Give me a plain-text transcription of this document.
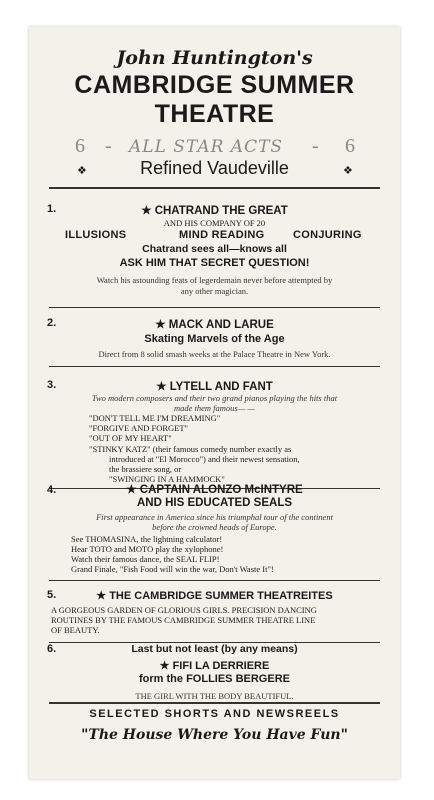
John Huntington's
CAMBRIDGE SUMMER
THEATRE
6 - ALL STAR ACTS - 6
❖	Refined Vaudeville	❖
1.	★ CHATRAND THE GREAT
AND HIS COMPANY OF 20
ILLUSIONS	MIND READING	CONJURING
Chatrand sees all—knows all
ASK HIM THAT SECRET QUESTION!
Watch his astounding feats of legerdemain never before attempted by
any other magician.
2.	★ MACK AND LARUE
Skating Marvels of the Age
Direct from 8 solid smash weeks at the Palace Theatre in New York.
3.	★ LYTELL AND FANT
Two modern composers and their two grand pianos playing the hits that
made them famous— —
"DON'T TELL ME I'M DREAMING"
"FORGIVE AND FORGET"
"OUT OF MY HEART"
"STINKY KATZ" (their famous comedy number exactly as
introduced at "El Morocco") and their newest sensation,
the brassiere song, or
"SWINGING IN A HAMMOCK"
4.	★ CAPTAIN ALONZO McINTYRE
AND HIS EDUCATED SEALS
First appearance in America since his triumphal tour of the continent
before the crowned heads of Europe.
See THOMASINA, the lightning calculator!
Hear TOTO and MOTO play the xylophone!
Watch their famous dance, the SEAL FLIP!
Grand Finale, "Fish Food will win the war, Don't Waste It"!
5.	★ THE CAMBRIDGE SUMMER THEATREITES
A GORGEOUS GARDEN OF GLORIOUS GIRLS. PRECISION DANCING
ROUTINES BY THE FAMOUS CAMBRIDGE SUMMER THEATRE LINE
OF BEAUTY.
6.	Last but not least (by any means)
★ FIFI LA DERRIERE
form the FOLLIES BERGERE
THE GIRL WITH THE BODY BEAUTIFUL.
SELECTED SHORTS AND NEWSREELS
"The House Where You Have Fun"
